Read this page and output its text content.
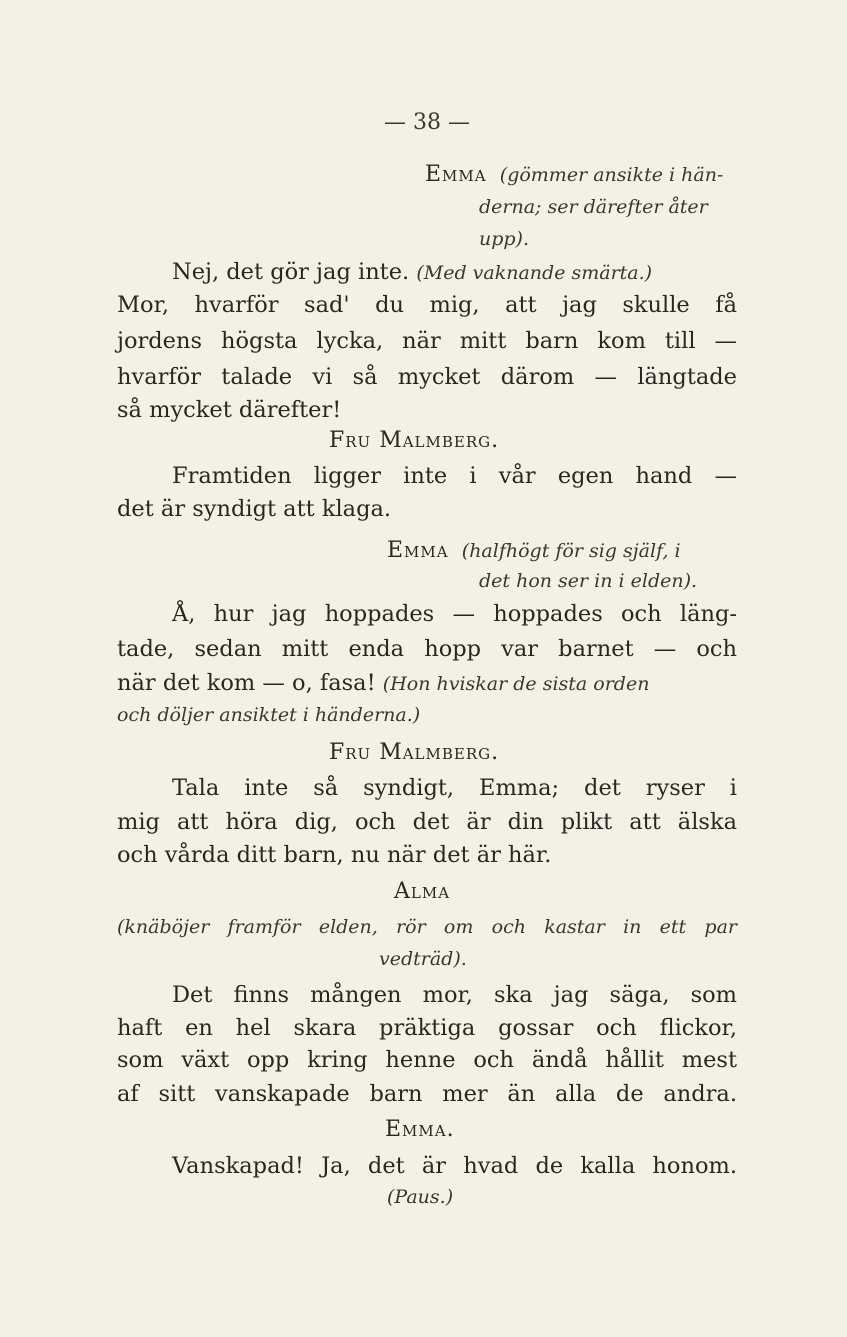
— 38 —
Emma (gömmer ansikte i hän-
derna; ser därefter åter
upp).
Nej, det gör jag inte. (Med vaknande smärta.)
Mor, hvarför sad' du mig, att jag skulle få
jordens högsta lycka, när mitt barn kom till —
hvarför talade vi så mycket därom — längtade
så mycket därefter!
Fru Malmberg.
Framtiden ligger inte i vår egen hand —
det är syndigt att klaga.
Emma (halfhögt för sig själf, i
det hon ser in i elden).
Å, hur jag hoppades — hoppades och läng-
tade, sedan mitt enda hopp var barnet — och
när det kom — o, fasa! (Hon hviskar de sista orden
och döljer ansiktet i händerna.)
Fru Malmberg.
Tala inte så syndigt, Emma; det ryser i
mig att höra dig, och det är din plikt att älska
och vårda ditt barn, nu när det är här.
Alma
(knäböjer framför elden, rör om och kastar in ett par
vedträd).
Det finns mången mor, ska jag säga, som
haft en hel skara präktiga gossar och flickor,
som växt opp kring henne och ändå hållit mest
af sitt vanskapade barn mer än alla de andra.
Emma.
Vanskapad! Ja, det är hvad de kalla honom.
(Paus.)
